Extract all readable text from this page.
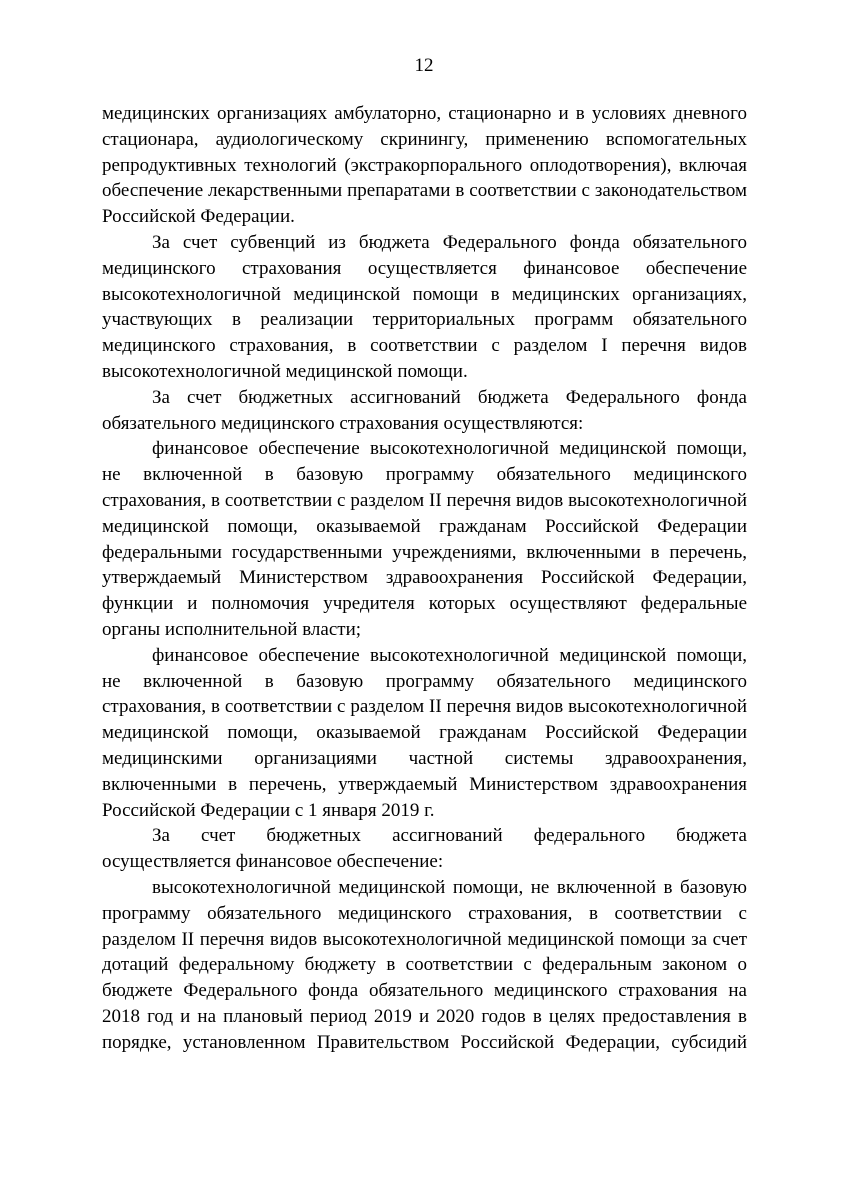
12

медицинских организациях амбулаторно, стационарно и в условиях дневного стационара, аудиологическому скринингу, применению вспомогательных репродуктивных технологий (экстракорпорального оплодотворения), включая обеспечение лекарственными препаратами в соответствии с законодательством Российской Федерации.

За счет субвенций из бюджета Федерального фонда обязательного медицинского страхования осуществляется финансовое обеспечение высокотехнологичной медицинской помощи в медицинских организациях, участвующих в реализации территориальных программ обязательного медицинского страхования, в соответствии с разделом I перечня видов высокотехнологичной медицинской помощи.

За счет бюджетных ассигнований бюджета Федерального фонда обязательного медицинского страхования осуществляются:

финансовое обеспечение высокотехнологичной медицинской помощи, не включенной в базовую программу обязательного медицинского страхования, в соответствии с разделом II перечня видов высокотехнологичной медицинской помощи, оказываемой гражданам Российской Федерации федеральными государственными учреждениями, включенными в перечень, утверждаемый Министерством здравоохранения Российской Федерации, функции и полномочия учредителя которых осуществляют федеральные органы исполнительной власти;

финансовое обеспечение высокотехнологичной медицинской помощи, не включенной в базовую программу обязательного медицинского страхования, в соответствии с разделом II перечня видов высокотехнологичной медицинской помощи, оказываемой гражданам Российской Федерации медицинскими организациями частной системы здравоохранения, включенными в перечень, утверждаемый Министерством здравоохранения Российской Федерации с 1 января 2019 г.

За счет бюджетных ассигнований федерального бюджета осуществляется финансовое обеспечение:

высокотехнологичной медицинской помощи, не включенной в базовую программу обязательного медицинского страхования, в соответствии с разделом II перечня видов высокотехнологичной медицинской помощи за счет дотаций федеральному бюджету в соответствии с федеральным законом о бюджете Федерального фонда обязательного медицинского страхования на 2018 год и на плановый период 2019 и 2020 годов в целях предоставления в порядке, установленном Правительством Российской Федерации, субсидий
